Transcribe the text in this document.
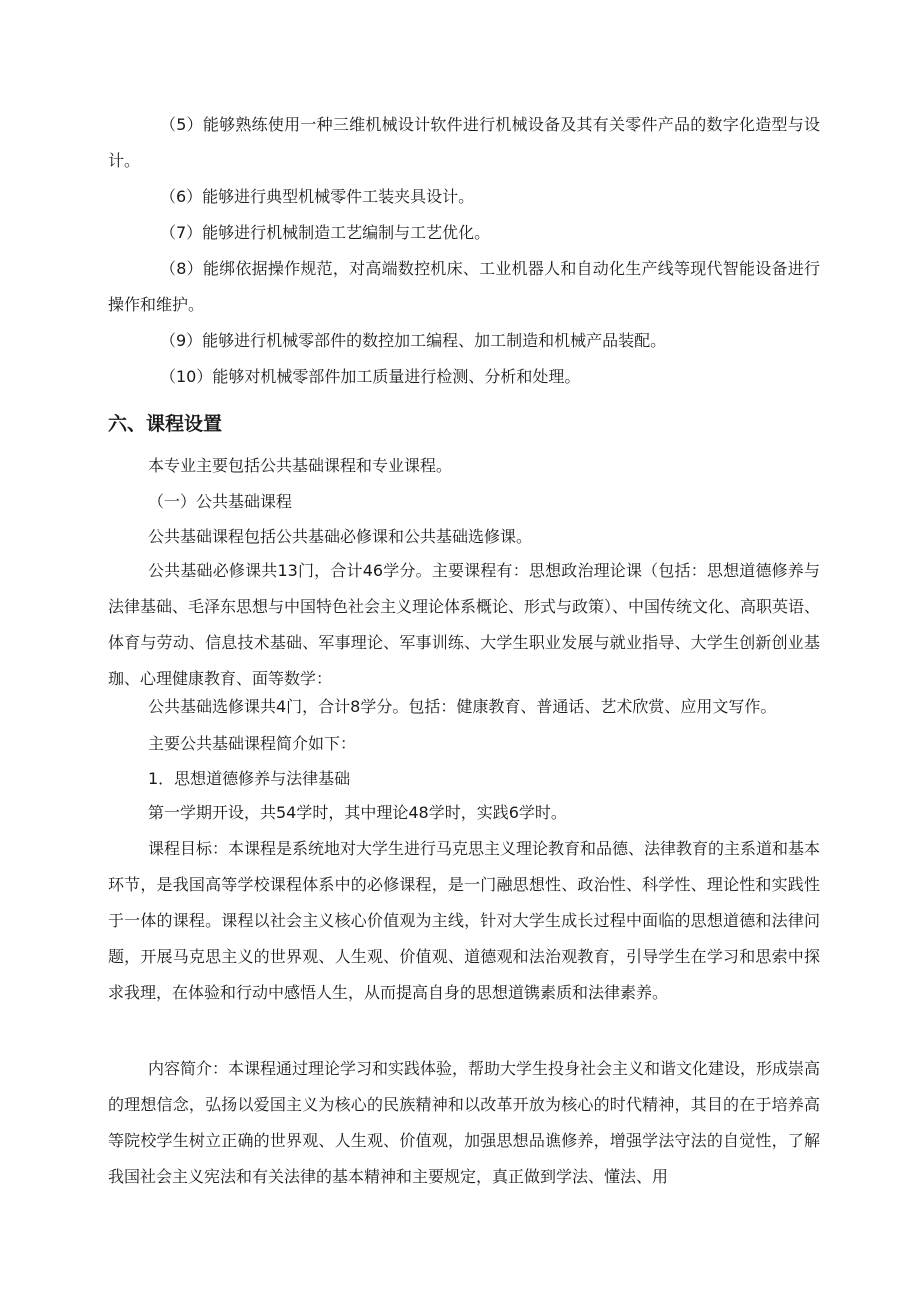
（5）能够熟练使用一种三维机械设计软件进行机械设备及其有关零件产品的数字化造型与设计。

（6）能够进行典型机械零件工装夹具设计。

（7）能够进行机械制造工艺编制与工艺优化。

（8）能绑依据操作规范，对高端数控机床、工业机器人和自动化生产线等现代智能设备进行操作和维护。

（9）能够进行机械零部件的数控加工编程、加工制造和机械产品装配。

（10）能够对机械零部件加工质量进行检测、分析和处理。

六、课程设置

本专业主要包括公共基础课程和专业课程。

（一）公共基础课程

公共基础课程包括公共基础必修课和公共基础选修课。

公共基础必修课共13门，合计46学分。主要课程有：思想政治理论课（包括：思想道德修养与法律基础、毛泽东思想与中国特色社会主义理论体系概论、形式与政策）、中国传统文化、高职英语、体育与劳动、信息技术基础、军事理论、军事训练、大学生职业发展与就业指导、大学生创新创业基珈、心理健康教育、面等数学：

公共基础选修课共4门，合计8学分。包括：健康教育、普通话、艺术欣赏、应用文写作。

主要公共基础课程简介如下：

1．思想道德修养与法律基础

第一学期开设，共54学时，其中理论48学时，实践6学时。

课程目标：本课程是系统地对大学生进行马克思主义理论教育和品德、法律教育的主系道和基本环节，是我国高等学校课程体系中的必修课程，是一门融思想性、政治性、科学性、理论性和实践性于一体的课程。课程以社会主义核心价值观为主线，针对大学生成长过程中面临的思想道德和法律问题，开展马克思主义的世界观、人生观、价值观、道德观和法治观教育，引导学生在学习和思索中探求我理，在体验和行动中感悟人生，从而提高自身的思想道镌素质和法律素养。

内容简介：本课程通过理论学习和实践体验，帮助大学生投身社会主义和谐文化建设，形成崇高的理想信念，弘扬以爱国主义为核心的民族精神和以改革开放为核心的时代精神，其目的在于培养高等院校学生树立正确的世界观、人生观、价值观，加强思想品谯修养，增强学法守法的自觉性，了解我国社会主义宪法和有关法律的基本精神和主要规定，真正做到学法、懂法、用
